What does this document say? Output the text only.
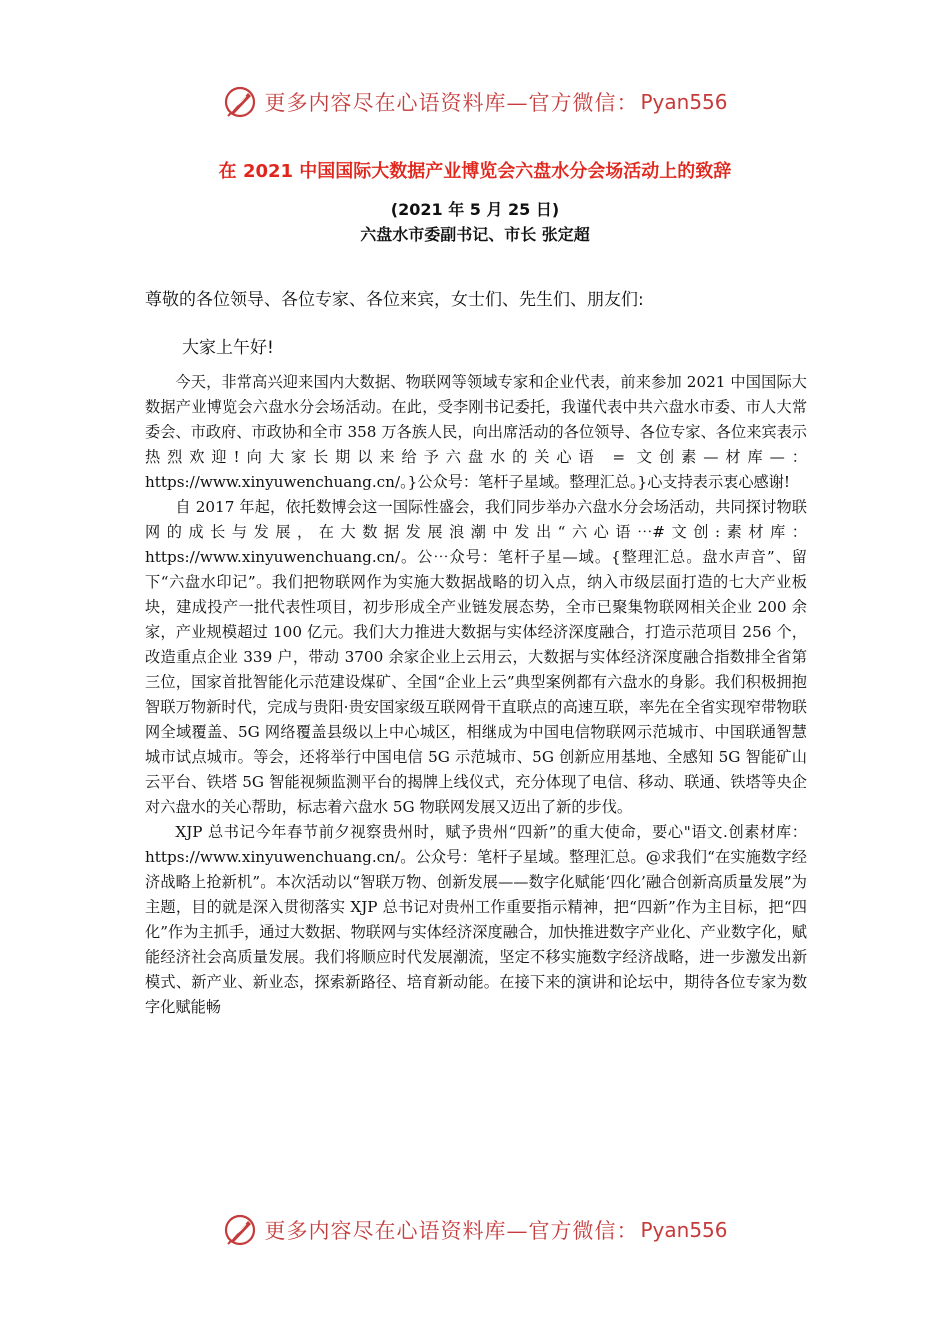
更多内容尽在心语资料库—官方微信： Pyan556
在 2021 中国国际大数据产业博览会六盘水分会场活动上的致辞
(2021 年 5 月 25 日)
六盘水市委副书记、市长 张定超
尊敬的各位领导、各位专家、各位来宾，女士们、先生们、朋友们:
大家上午好!

今天，非常高兴迎来国内大数据、物联网等领域专家和企业代表，前来参加 2021 中国国际大数据产业博览会六盘水分会场活动。在此，受李刚书记委托，我谨代表中共六盘水市委、市人大常委会、市政府、市政协和全市 358 万各族人民，向出席活动的各位领导、各位专家、各位来宾表示热烈欢迎!向大家长期以来给予六盘水的关心语 = 文创素—材库—：https://www.xinyuwenchuang.cn/。}公众号：笔杆子星域。整理汇总。}心支持表示衷心感谢!

自 2017 年起，依托数博会这一国际性盛会，我们同步举办六盘水分会场活动，共同探讨物联网的成长与发展，在大数据发展浪潮中发出“六心语⋯#文创:素材库：https://www.xinyuwenchuang.cn/。公⋯众号：笔杆子星—域。{整理汇总。盘水声音”、留下“六盘水印记”。我们把物联网作为实施大数据战略的切入点，纳入市级层面打造的七大产业板块，建成投产一批代表性项目，初步形成全产业链发展态势，全市已聚集物联网相关企业 200 余家，产业规模超过 100 亿元。我们大力推进大数据与实体经济深度融合，打造示范项目 256 个，改造重点企业 339 户，带动 3700 余家企业上云用云，大数据与实体经济深度融合指数排全省第三位，国家首批智能化示范建设煤矿、全国“企业上云”典型案例都有六盘水的身影。我们积极拥抱智联万物新时代，完成与贵阳·贵安国家级互联网骨干直联点的高速互联，率先在全省实现窄带物联网全域覆盖、5G 网络覆盖县级以上中心城区，相继成为中国电信物联网示范城市、中国联通智慧城市试点城市。等会，还将举行中国电信 5G 示范城市、5G 创新应用基地、全感知 5G 智能矿山云平台、铁塔 5G 智能视频监测平台的揭牌上线仪式，充分体现了电信、移动、联通、铁塔等央企对六盘水的关心帮助，标志着六盘水 5G 物联网发展又迈出了新的步伐。

XJP 总书记今年春节前夕视察贵州时，赋予贵州“四新”的重大使命，要心"语文.创素材库：https://www.xinyuwenchuang.cn/。公众号：笔杆子星域。整理汇总。@求我们“在实施数字经济战略上抢新机”。本次活动以“智联万物、创新发展——数字化赋能‘四化’融合创新高质量发展”为主题，目的就是深入贯彻落实 XJP 总书记对贵州工作重要指示精神，把“四新”作为主目标，把“四化”作为主抓手，通过大数据、物联网与实体经济深度融合，加快推进数字产业化、产业数字化，赋能经济社会高质量发展。我们将顺应时代发展潮流，坚定不移实施数字经济战略，进一步激发出新模式、新产业、新业态，探索新路径、培育新动能。在接下来的演讲和论坛中，期待各位专家为数字化赋能畅

更多内容尽在心语资料库—官方微信： Pyan556
